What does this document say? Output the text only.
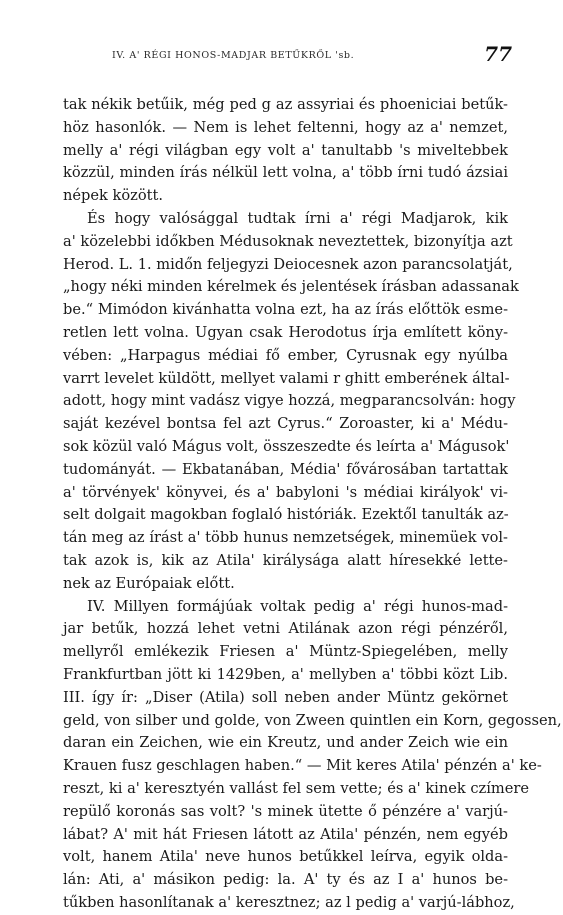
IV. A' RÉGI HONOS-MADJAR BETŰKRŐL 'sb.	77
tak nékik betűik, még ped g az assyriai és phoeniciai betűk-
höz hasonlók. — Nem is lehet feltenni, hogy az a' nemzet,
melly a' régi világban egy volt a' tanultabb 's miveltebbek
közzül, minden írás nélkül lett volna, a' több írni tudó ázsiai
népek között.
És hogy valósággal tudtak írni a' régi Madjarok, kik
a' közelebbi időkben Médusoknak neveztettek, bizonyítja azt
Herod. L. 1. midőn feljegyzi Deiocesnek azon parancsolatját,
„hogy néki minden kérelmek és jelentések írásban adassanak
be.“ Mimódon kivánhatta volna ezt, ha az írás előttök esme-
retlen lett volna. Ugyan csak Herodotus írja említett köny-
vében: „Harpagus médiai fő ember, Cyrusnak egy nyúlba
varrt levelet küldött, mellyet valami r ghitt emberének által-
adott, hogy mint vadász vigye hozzá, megparancsolván: hogy
saját kezével bontsa fel azt Cyrus.“ Zoroaster, ki a' Médu-
sok közül való Mágus volt, összeszedte és leírta a' Mágusok'
tudományát. — Ekbatanában, Média' fővárosában tartattak
a' törvények' könyvei, és a' babyloni 's médiai királyok' vi-
selt dolgait magokban foglaló históriák. Ezektől tanulták az-
tán meg az írást a' több hunus nemzetségek, minemüek vol-
tak azok is, kik az Atila' királysága alatt híresekké lette-
nek az Európaiak előtt.
IV. Millyen formájúak voltak pedig a' régi hunos-mad-
jar betűk, hozzá lehet vetni Atilának azon régi pénzéről,
mellyről emlékezik Friesen a' Müntz-Spiegelében, melly
Frankfurtban jött ki 1429ben, a' mellyben a' többi közt Lib.
III. így ír: „Diser (Atila) soll neben ander Müntz gekörnet
geld, von silber und golde, von Zween quintlen ein Korn, gegossen,
daran ein Zeichen, wie ein Kreutz, und ander Zeich wie ein
Krauen fusz geschlagen haben.“ — Mit keres Atila' pénzén a' ke-
reszt, ki a' keresztyén vallást fel sem vette; és a' kinek czímere
repülő koronás sas volt? 's minek ütette ő pénzére a' varjú-
lábat? A' mit hát Friesen látott az Atila' pénzén, nem egyéb
volt, hanem Atila' neve hunos betűkkel leírva, egyik olda-
lán: Ati, a' másikon pedig: la. A' ty és az I a' hunos be-
tűkben hasonlítanak a' keresztnez; az l pedig a' varjú-lábhoz,
